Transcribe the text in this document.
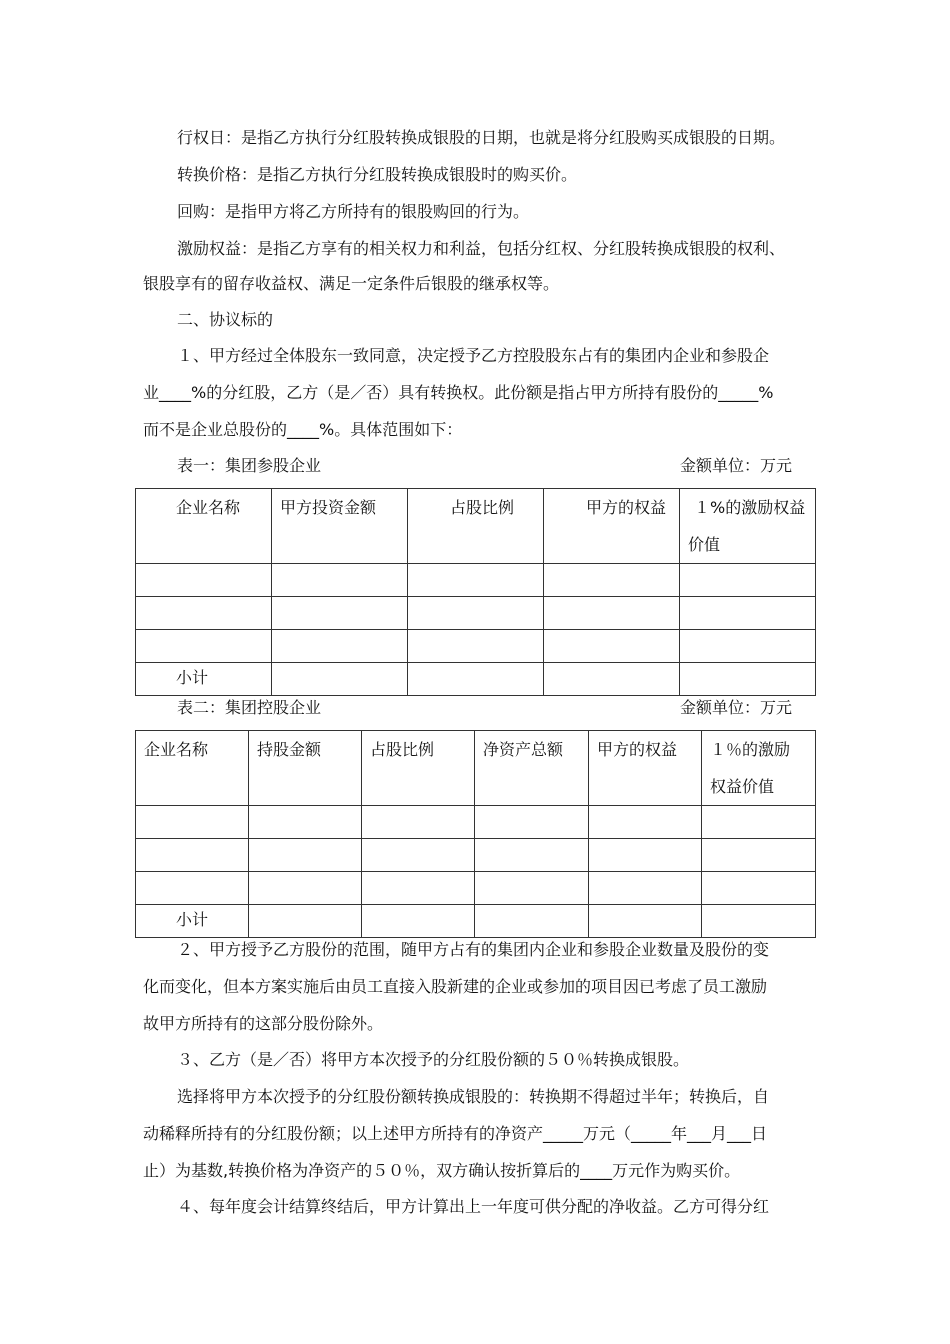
行权日：是指乙方执行分红股转换成银股的日期，也就是将分红股购买成银股的日期。
转换价格：是指乙方执行分红股转换成银股时的购买价。
回购：是指甲方将乙方所持有的银股购回的行为。
激励权益：是指乙方享有的相关权力和利益，包括分红权、分红股转换成银股的权利、
银股享有的留存收益权、满足一定条件后银股的继承权等。
二、协议标的
１、甲方经过全体股东一致同意，决定授予乙方控股股东占有的集团内企业和参股企
业____%的分红股，乙方（是／否）具有转换权。此份额是指占甲方所持有股份的_____%
而不是企业总股份的____%。具体范围如下：
表一：集团参股企业	金额单位：万元
企业名称	甲方投资金额	占股比例	甲方的权益	１%的激励权益
价值

小计				

表二：集团控股企业	金额单位：万元
企业名称	持股金额	占股比例	净资产总额	甲方的权益	１％的激励
权益价值

小计					

２、甲方授予乙方股份的范围，随甲方占有的集团内企业和参股企业数量及股份的变
化而变化，但本方案实施后由员工直接入股新建的企业或参加的项目因已考虑了员工激励
故甲方所持有的这部分股份除外。
３、乙方（是／否）将甲方本次授予的分红股份额的５０％转换成银股。
选择将甲方本次授予的分红股份额转换成银股的：转换期不得超过半年；转换后，自
动稀释所持有的分红股份额；以上述甲方所持有的净资产_____万元（_____年___月___日
止）为基数,转换价格为净资产的５０％，双方确认按折算后的____万元作为购买价。
４、每年度会计结算终结后，甲方计算出上一年度可供分配的净收益。乙方可得分红
